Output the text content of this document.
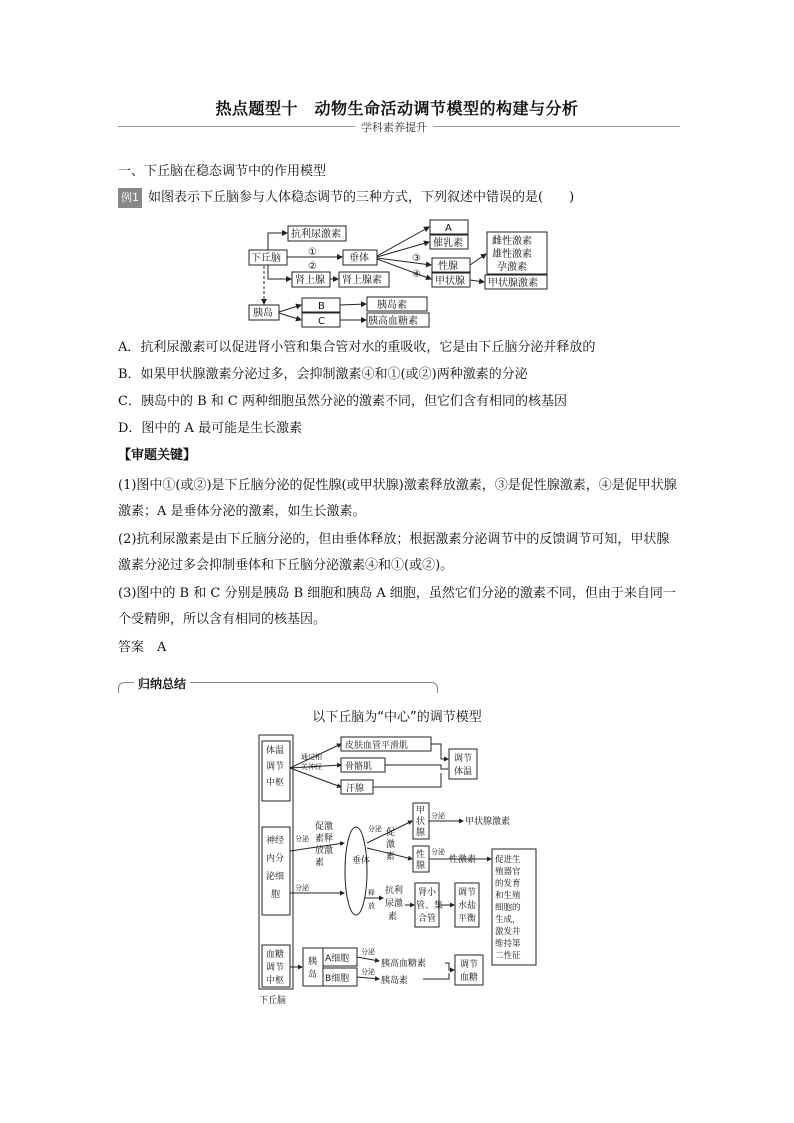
热点题型十　动物生命活动调节模型的构建与分析
学科素养提升
一、下丘脑在稳态调节中的作用模型
例1 如图表示下丘脑参与人体稳态调节的三种方式，下列叙述中错误的是(　　)
下丘脑
抗利尿激素
垂体
肾上腺 肾上腺素
A
催乳素
性腺
甲状腺
雌性激素
雄性激素
孕激素
甲状腺激素
胰岛
B
C
胰岛素
胰高血糖素
①
②
③
④
A．抗利尿激素可以促进肾小管和集合管对水的重吸收，它是由下丘脑分泌并释放的
B．如果甲状腺激素分泌过多，会抑制激素④和①(或②)两种激素的分泌
C．胰岛中的 B 和 C 两种细胞虽然分泌的激素不同，但它们含有相同的核基因
D．图中的 A 最可能是生长激素
【审题关键】
(1)图中①(或②)是下丘脑分泌的促性腺(或甲状腺)激素释放激素，③是促性腺激素，④是促甲状腺激素；A 是垂体分泌的激素，如生长激素。
(2)抗利尿激素是由下丘脑分泌的，但由垂体释放；根据激素分泌调节中的反馈调节可知，甲状腺激素分泌过多会抑制垂体和下丘脑分泌激素④和①(或②)。
(3)图中的 B 和 C 分别是胰岛 B 细胞和胰岛 A 细胞，虽然它们分泌的激素不同，但由于来自同一个受精卵，所以含有相同的核基因。
答案　A
归纳总结
以下丘脑为“中心”的调节模型
体温
调节
中枢
神经
内分
泌细
胞
血糖
调节
中枢
下丘脑
通过相
关神经
皮肤血管平滑肌
骨骼肌
汗腺
调节
体温
分泌
分泌
促激
素释
放激
素	垂体
分泌 促
激
素
甲
状
腺
分泌
甲状腺激素
性
腺
分泌
性激素 促进生
殖器官
的发育
和生殖
细胞的
生成，
激发并
维持第
二性征
释
放
抗利
尿激
素
肾小
管、集
合管
调节
水盐
平衡
胰
岛
A细胞
B细胞
分泌
分泌
胰高血糖素
胰岛素
调节
血糖
